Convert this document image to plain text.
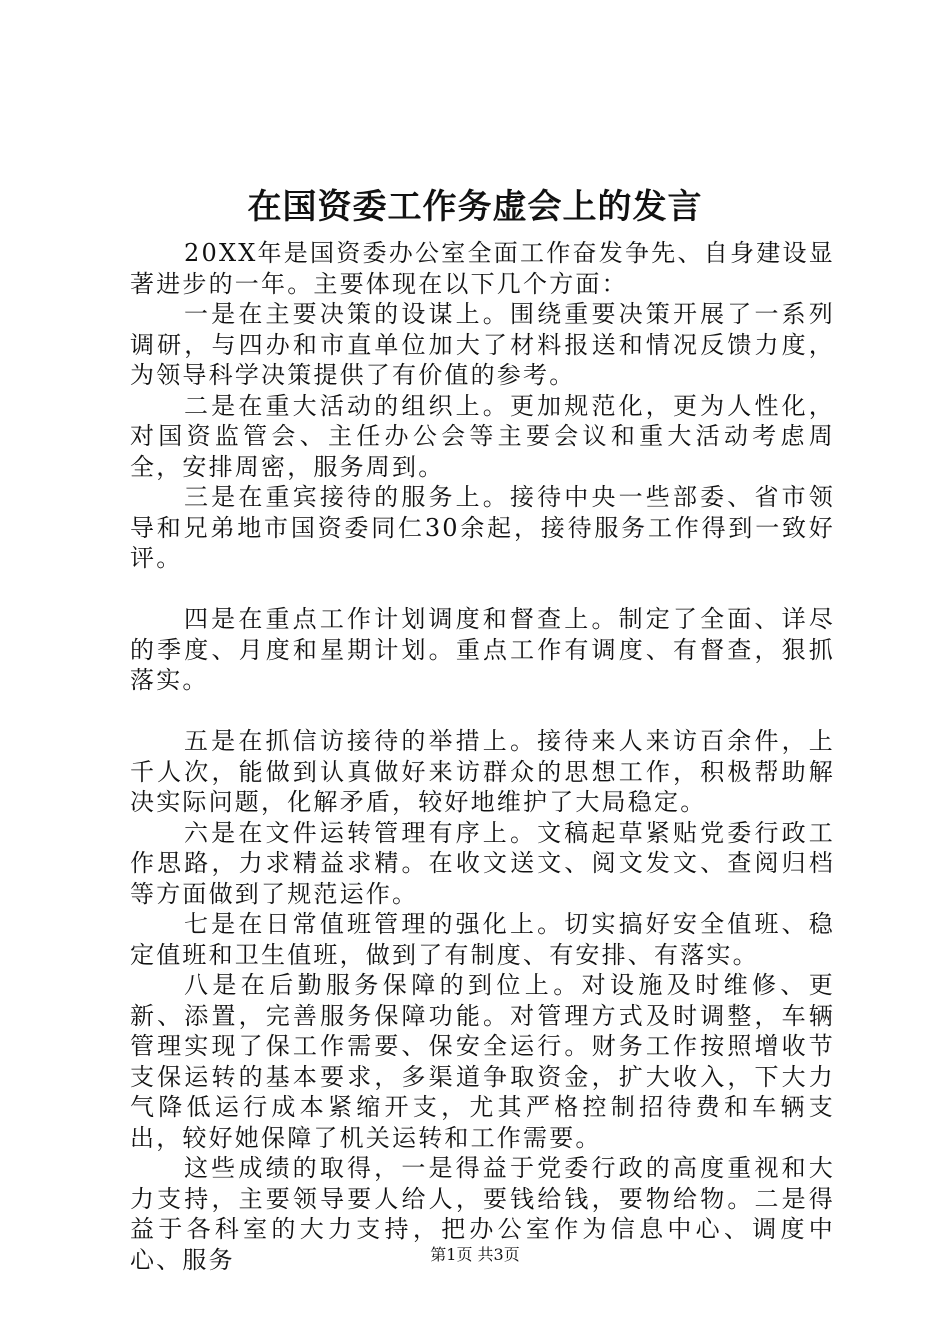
在国资委工作务虚会上的发言

20XX年是国资委办公室全面工作奋发争先、自身建设显著进步的一年。主要体现在以下几个方面：

一是在主要决策的设谋上。围绕重要决策开展了一系列调研，与四办和市直单位加大了材料报送和情况反馈力度，为领导科学决策提供了有价值的参考。

二是在重大活动的组织上。更加规范化，更为人性化，对国资监管会、主任办公会等主要会议和重大活动考虑周全，安排周密，服务周到。

三是在重宾接待的服务上。接待中央一些部委、省市领导和兄弟地市国资委同仁30余起，接待服务工作得到一致好评。

四是在重点工作计划调度和督查上。制定了全面、详尽的季度、月度和星期计划。重点工作有调度、有督查，狠抓落实。

五是在抓信访接待的举措上。接待来人来访百余件，上千人次，能做到认真做好来访群众的思想工作，积极帮助解决实际问题，化解矛盾，较好地维护了大局稳定。

六是在文件运转管理有序上。文稿起草紧贴党委行政工作思路，力求精益求精。在收文送文、阅文发文、查阅归档等方面做到了规范运作。

七是在日常值班管理的强化上。切实搞好安全值班、稳定值班和卫生值班，做到了有制度、有安排、有落实。

八是在后勤服务保障的到位上。对设施及时维修、更新、添置，完善服务保障功能。对管理方式及时调整，车辆管理实现了保工作需要、保安全运行。财务工作按照增收节支保运转的基本要求，多渠道争取资金，扩大收入，下大力气降低运行成本紧缩开支，尤其严格控制招待费和车辆支出，较好她保障了机关运转和工作需要。

这些成绩的取得，一是得益于党委行政的高度重视和大力支持，主要领导要人给人，要钱给钱，要物给物。二是得益于各科室的大力支持，把办公室作为信息中心、调度中心、服务	第1页 共3页
